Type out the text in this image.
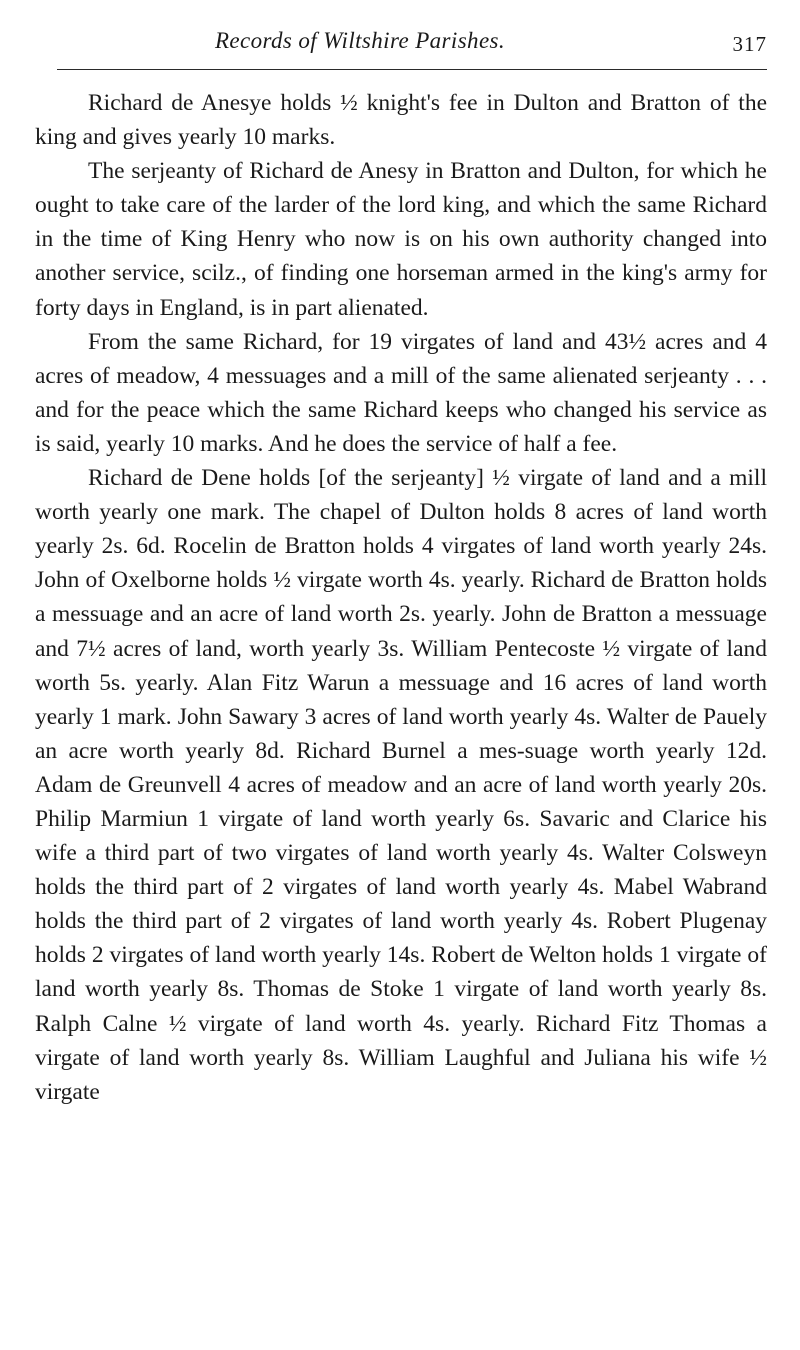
Records of Wiltshire Parishes.	317

Richard de Anesye holds ½ knight's fee in Dulton and Bratton of the king and gives yearly 10 marks.

The serjeanty of Richard de Anesy in Bratton and Dulton, for which he ought to take care of the larder of the lord king, and which the same Richard in the time of King Henry who now is on his own authority changed into another service, scilz., of finding one horseman armed in the king's army for forty days in England, is in part alienated.

From the same Richard, for 19 virgates of land and 43½ acres and 4 acres of meadow, 4 messuages and a mill of the same alienated serjeanty . . . and for the peace which the same Richard keeps who changed his service as is said, yearly 10 marks. And he does the service of half a fee.

Richard de Dene holds [of the serjeanty] ½ virgate of land and a mill worth yearly one mark. The chapel of Dulton holds 8 acres of land worth yearly 2s. 6d. Rocelin de Bratton holds 4 virgates of land worth yearly 24s. John of Oxelborne holds ½ virgate worth 4s. yearly. Richard de Bratton holds a messuage and an acre of land worth 2s. yearly. John de Bratton a messuage and 7½ acres of land, worth yearly 3s. William Pentecoste ½ virgate of land worth 5s. yearly. Alan Fitz Warun a messuage and 16 acres of land worth yearly 1 mark. John Sawary 3 acres of land worth yearly 4s. Walter de Pauely an acre worth yearly 8d. Richard Burnel a mes-suage worth yearly 12d. Adam de Greunvell 4 acres of meadow and an acre of land worth yearly 20s. Philip Marmiun 1 virgate of land worth yearly 6s. Savaric and Clarice his wife a third part of two virgates of land worth yearly 4s. Walter Colsweyn holds the third part of 2 virgates of land worth yearly 4s. Mabel Wabrand holds the third part of 2 virgates of land worth yearly 4s. Robert Plugenay holds 2 virgates of land worth yearly 14s. Robert de Welton holds 1 virgate of land worth yearly 8s. Thomas de Stoke 1 virgate of land worth yearly 8s. Ralph Calne ½ virgate of land worth 4s. yearly. Richard Fitz Thomas a virgate of land worth yearly 8s. William Laughful and Juliana his wife ½ virgate
